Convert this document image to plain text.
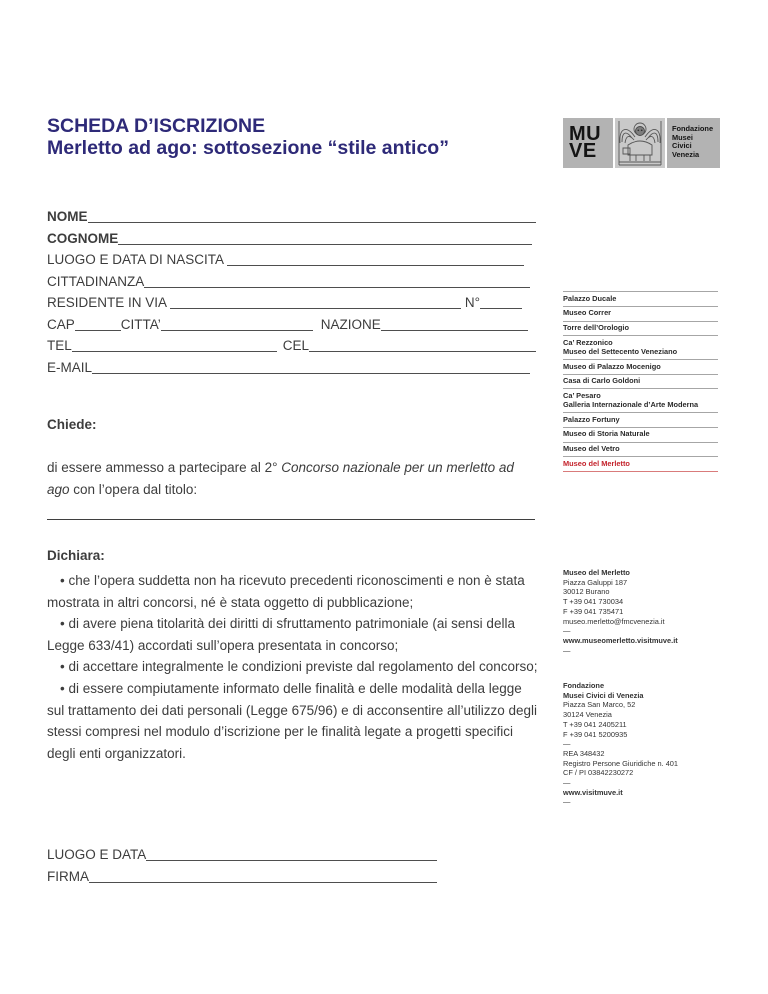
SCHEDA D’ISCRIZIONE
Merletto ad ago: sottosezione “stile antico”
MU
VE
Fondazione
Musei
Civici
Venezia
NOME
COGNOME
LUOGO E DATA DI NASCITA
CITTADINANZA
RESIDENTE IN VIA	N°
CAP	CITTA’	NAZIONE
TEL	CEL
E-MAIL
Chiede:
di essere ammesso a partecipare al 2° Concorso nazionale per un merletto ad ago con l’opera dal titolo:
Dichiara:

• che l’opera suddetta non ha ricevuto precedenti riconoscimenti e non è stata mostrata in altri concorsi, né è stata oggetto di pubblicazione;

• di avere piena titolarità dei diritti di sfruttamento patrimoniale (ai sensi della Legge 633/41) accordati sull’opera presentata in concorso;

• di accettare integralmente le condizioni previste dal regolamento del concorso;

• di essere compiutamente informato delle finalità e delle modalità della legge sul trattamento dei dati personali (Legge 675/96) e di acconsentire all’utilizzo degli stessi compresi nel modulo d’iscrizione per le finalità legate a progetti specifici degli enti organizzatori.

LUOGO E DATA
FIRMA
Palazzo Ducale
Museo Correr
Torre dell’Orologio
Ca’ Rezzonico
Museo del Settecento Veneziano
Museo di Palazzo Mocenigo
Casa di Carlo Goldoni
Ca’ Pesaro
Galleria Internazionale d’Arte Moderna
Palazzo Fortuny
Museo di Storia Naturale
Museo del Vetro
Museo del Merletto
Museo del Merletto
Piazza Galuppi 187
30012 Burano
T +39 041 730034
F +39 041 735471
museo.merletto@fmcvenezia.it
—
www.museomerletto.visitmuve.it
—
Fondazione
Musei Civici di Venezia
Piazza San Marco, 52
30124 Venezia
T +39 041 2405211
F +39 041 5200935
—
REA 348432
Registro Persone Giuridiche n. 401
CF / PI 03842230272
—
www.visitmuve.it
—
